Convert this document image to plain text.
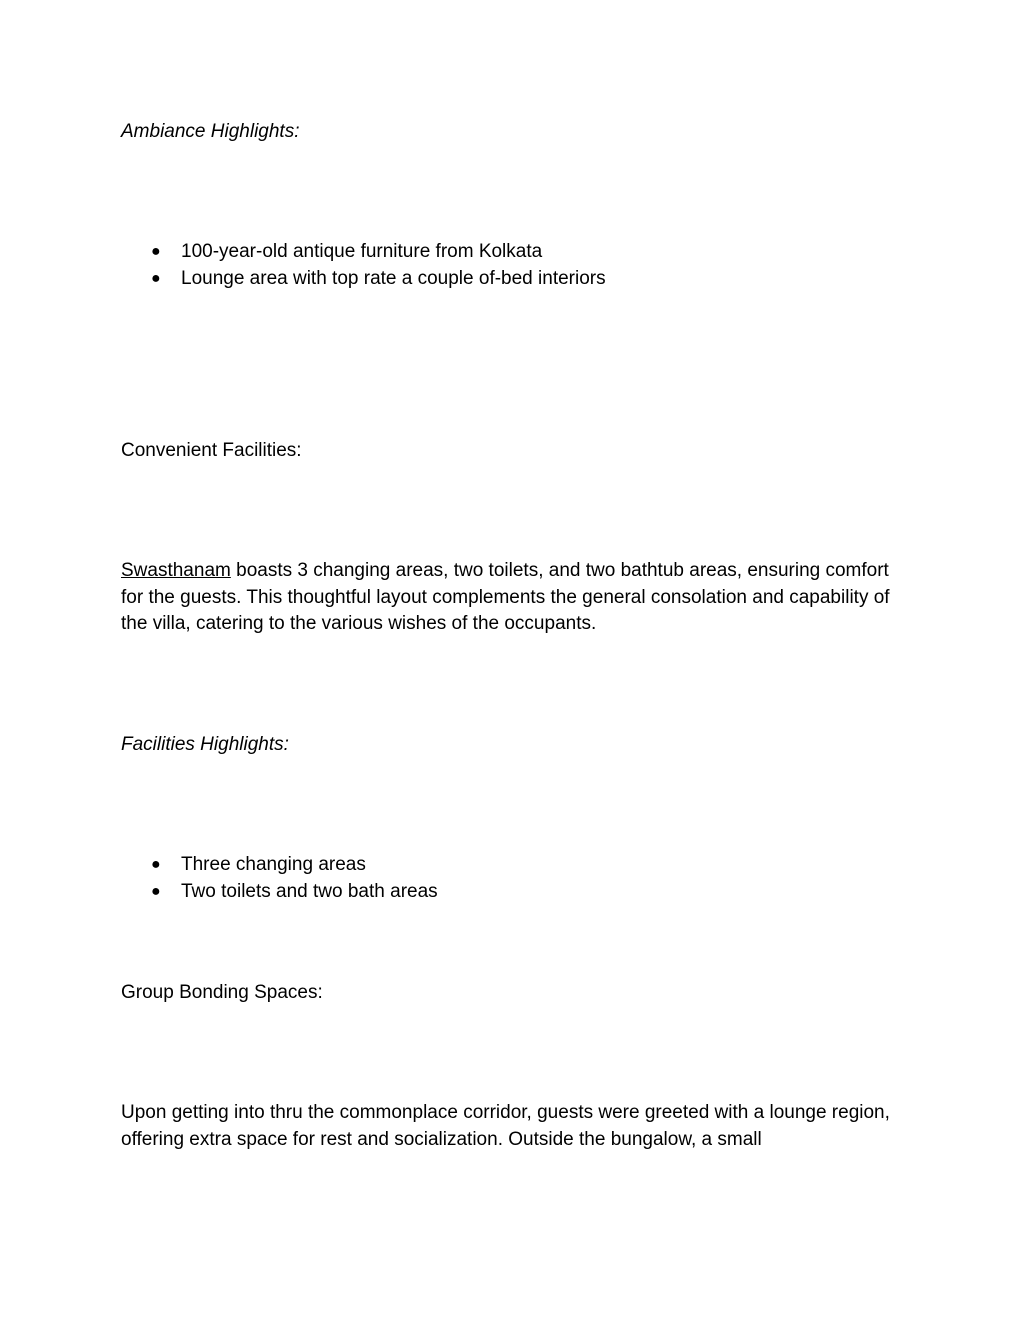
Ambiance Highlights:

● 100-year-old antique furniture from Kolkata
● Lounge area with top rate a couple of-bed interiors

Convenient Facilities:

Swasthanam boasts 3 changing areas, two toilets, and two bathtub areas, ensuring comfort for the guests. This thoughtful layout complements the general consolation and capability of the villa, catering to the various wishes of the occupants.

Facilities Highlights:

● Three changing areas
● Two toilets and two bath areas

Group Bonding Spaces:

Upon getting into thru the commonplace corridor, guests were greeted with a lounge region, offering extra space for rest and socialization. Outside the bungalow, a small
